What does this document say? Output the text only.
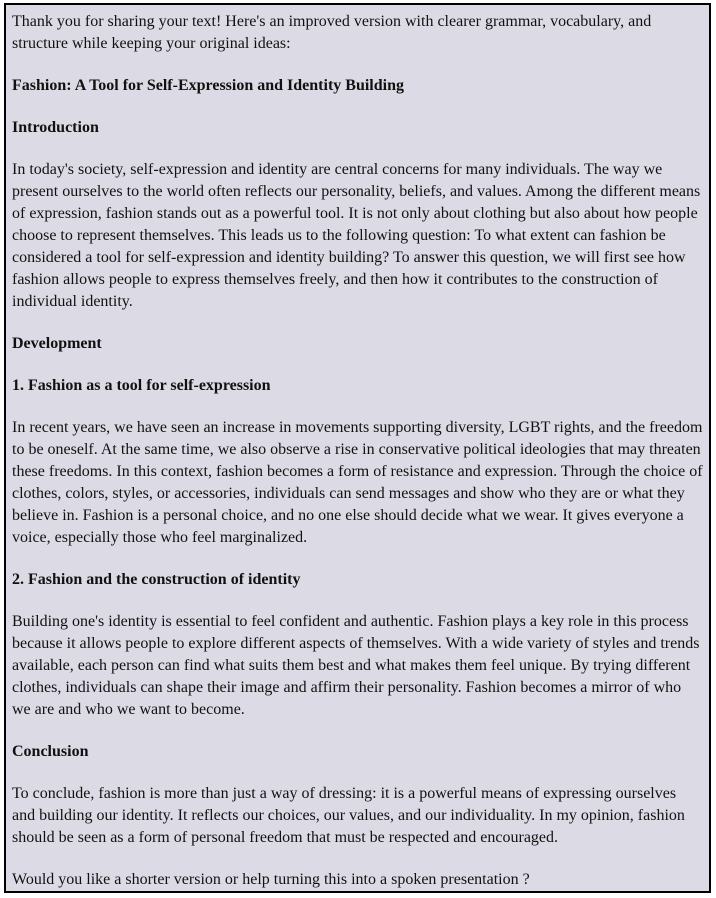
Thank you for sharing your text! Here's an improved version with clearer grammar, vocabulary, and structure while keeping your original ideas:

Fashion: A Tool for Self-Expression and Identity Building

Introduction

In today's society, self-expression and identity are central concerns for many individuals. The way we present ourselves to the world often reflects our personality, beliefs, and values. Among the different means of expression, fashion stands out as a powerful tool. It is not only about clothing but also about how people choose to represent themselves. This leads us to the following question: To what extent can fashion be considered a tool for self-expression and identity building? To answer this question, we will first see how fashion allows people to express themselves freely, and then how it contributes to the construction of individual identity.

Development

1. Fashion as a tool for self-expression

In recent years, we have seen an increase in movements supporting diversity, LGBT rights, and the freedom to be oneself. At the same time, we also observe a rise in conservative political ideologies that may threaten these freedoms. In this context, fashion becomes a form of resistance and expression. Through the choice of clothes, colors, styles, or accessories, individuals can send messages and show who they are or what they believe in. Fashion is a personal choice, and no one else should decide what we wear. It gives everyone a voice, especially those who feel marginalized.

2. Fashion and the construction of identity

Building one's identity is essential to feel confident and authentic. Fashion plays a key role in this process because it allows people to explore different aspects of themselves. With a wide variety of styles and trends available, each person can find what suits them best and what makes them feel unique. By trying different clothes, individuals can shape their image and affirm their personality. Fashion becomes a mirror of who we are and who we want to become.

Conclusion

To conclude, fashion is more than just a way of dressing: it is a powerful means of expressing ourselves and building our identity. It reflects our choices, our values, and our individuality. In my opinion, fashion should be seen as a form of personal freedom that must be respected and encouraged.

Would you like a shorter version or help turning this into a spoken presentation ?
